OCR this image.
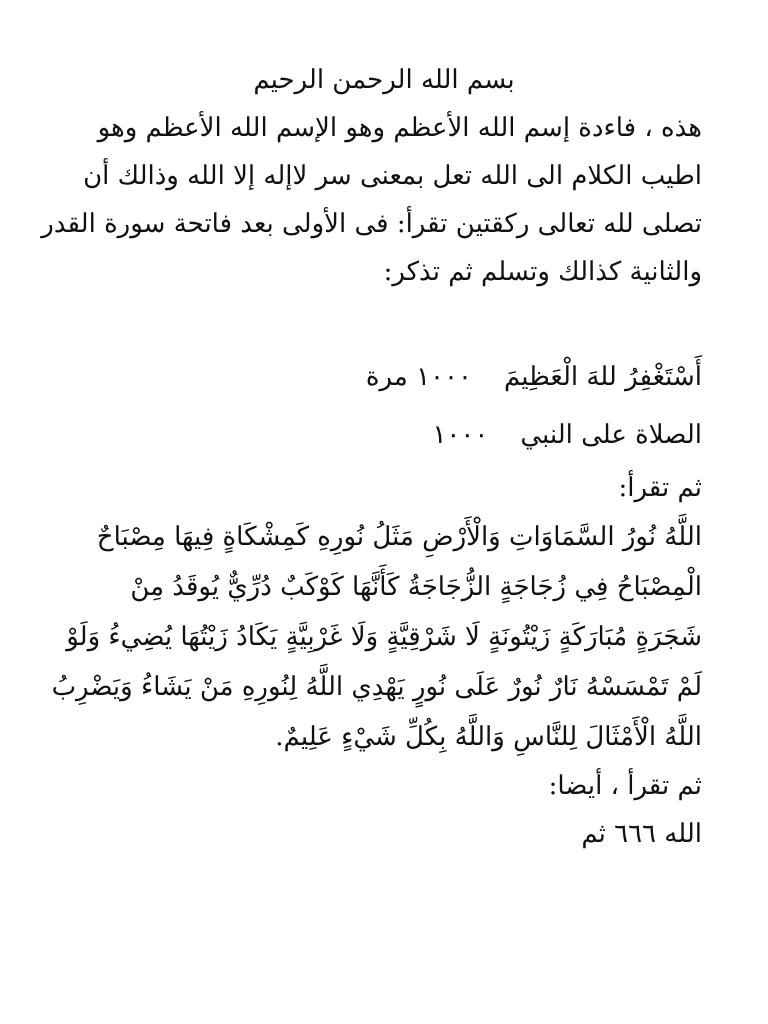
بسم الله الرحمن الرحيم
هذه ، فاءدة إسم الله الأعظم وهو الإسم الله الأعظم وهو
اطيب الكلام الى الله تعل بمعنى سر لاإله إلا الله وذالك أن
تصلى لله تعالى ركقتين تقرأ: فى الأولى بعد فاتحة سورة القدر
والثانية كذالك وتسلم ثم تذكر:
أَسْتَغْفِرُ للهَ الْعَظِيمَ١٠٠٠ مرة
الصلاة على النبي١٠٠٠
ثم تقرأ:
اللَّهُ نُورُ السَّمَاوَاتِ وَالْأَرْضِ مَثَلُ نُورِهِ كَمِشْكَاةٍ فِيهَا مِصْبَاحٌ
الْمِصْبَاحُ فِي زُجَاجَةٍ الزُّجَاجَةُ كَأَنَّهَا كَوْكَبٌ دُرِّيٌّ يُوقَدُ مِنْ
شَجَرَةٍ مُبَارَكَةٍ زَيْتُونَةٍ لَا شَرْقِيَّةٍ وَلَا غَرْبِيَّةٍ يَكَادُ زَيْتُهَا يُضِيءُ وَلَوْ
لَمْ تَمْسَسْهُ نَارٌ نُورٌ عَلَى نُورٍ يَهْدِي اللَّهُ لِنُورِهِ مَنْ يَشَاءُ وَيَضْرِبُ
اللَّهُ الْأَمْثَالَ لِلنَّاسِ وَاللَّهُ بِكُلِّ شَيْءٍ عَلِيمٌ.
ثم تقرأ ، أيضا:
الله ٦٦٦ ثم
